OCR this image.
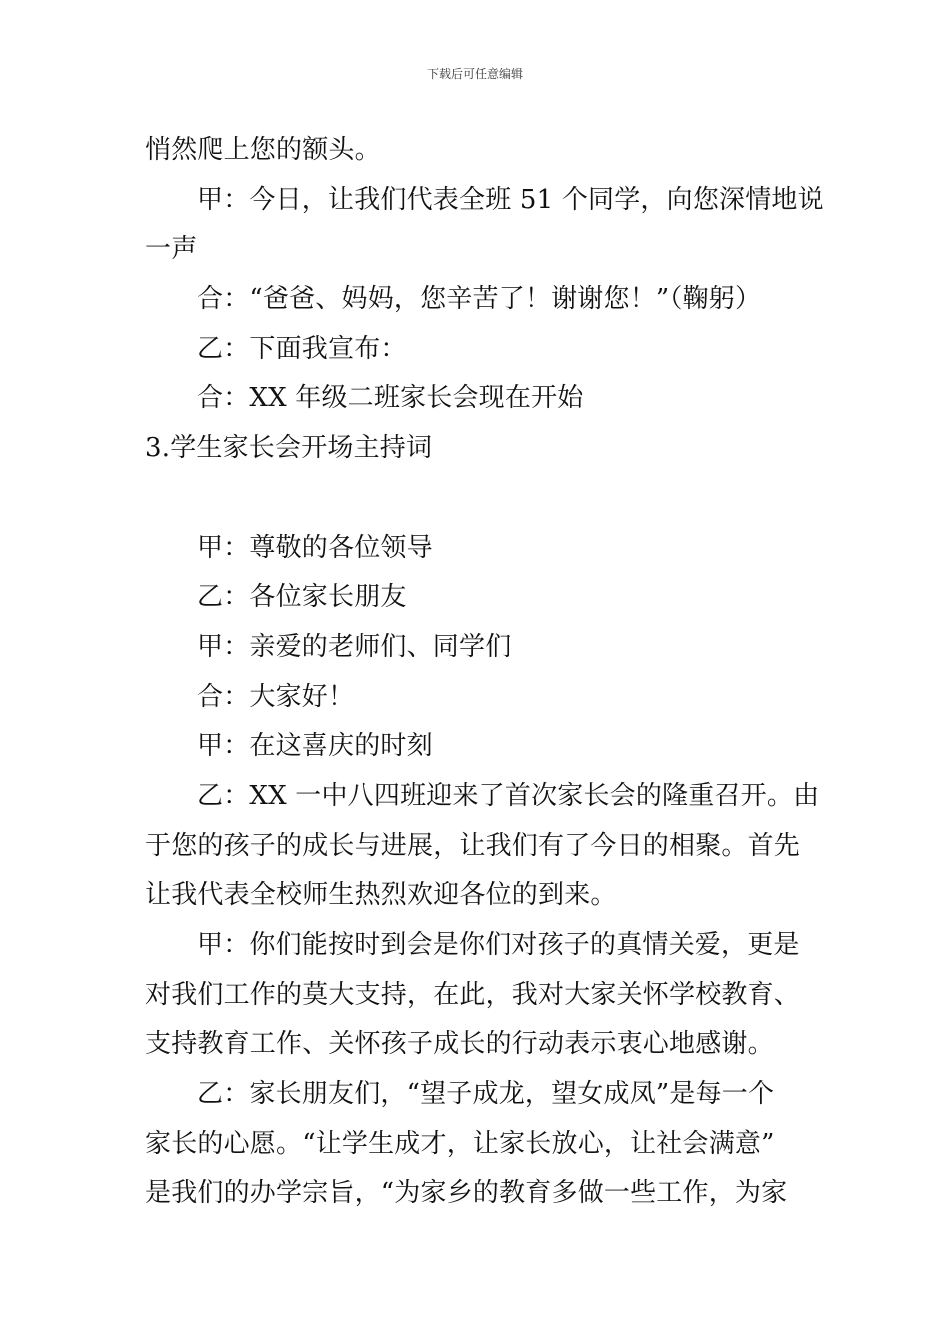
下载后可任意编辑
悄然爬上您的额头。
甲：今日，让我们代表全班 51 个同学，向您深情地说
一声
合：“爸爸、妈妈，您辛苦了！谢谢您！”（鞠躬）
乙：下面我宣布：
合：XX 年级二班家长会现在开始
3.学生家长会开场主持词
甲：尊敬的各位领导
乙：各位家长朋友
甲：亲爱的老师们、同学们
合：大家好！
甲：在这喜庆的时刻
乙：XX 一中八四班迎来了首次家长会的隆重召开。由
于您的孩子的成长与进展，让我们有了今日的相聚。首先
让我代表全校师生热烈欢迎各位的到来。
甲：你们能按时到会是你们对孩子的真情关爱，更是
对我们工作的莫大支持，在此，我对大家关怀学校教育、
支持教育工作、关怀孩子成长的行动表示衷心地感谢。
乙：家长朋友们，“望子成龙，望女成凤”是每一个
家长的心愿。“让学生成才，让家长放心，让社会满意”
是我们的办学宗旨，“为家乡的教育多做一些工作，为家
